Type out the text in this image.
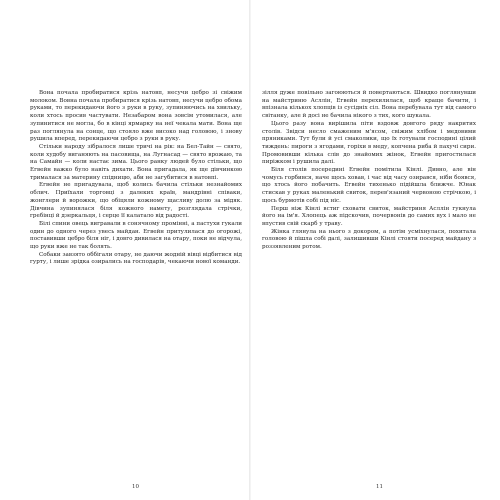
Вона почала пробиратися крізь натовп, несучи цебро зі свіжим молоком. Вовна почала пробиратися крізь натовп, несучи цебро обома руками, то перекидаючи його з руки в руку, зупиняючись на хвильку, коли хтось просив частувати. Незабаром вона зовсім утомилася, але зупинитися не могла, бо в кінці ярмарку на неї чекала мати. Вона ще раз поглянула на сонце, що стояло вже високо над головою, і знову рушила вперед, перекидаючи цебро з руки в руку.

Стільки народу зібралося лише тричі на рік: на Бел-Тайн — свято, коли худобу виганяють на пасовища, на Лугнасад — свято врожаю, та на Самайн — коли настає зима. Цього ранку людей було стільки, що Егвейн важко було навіть дихати. Вона пригадала, як ще дівчинкою трималася за материну спідницю, аби не загубитися в натовпі.

Егвейн не пригадувала, щоб колись бачила стільки незнайомих облич. Приїхали торговці з далеких країв, мандрівні співаки, жонглери й ворожки, що обіцяли кожному щасливу долю за мідяк. Дівчина зупинялася біля кожного намету, розглядала стрічки, гребінці й дзеркальця, і серце її калатало від радості.

Білі спини овець вигравали в сонячному промінні, а пастухи гукали один до одного через увесь майдан. Егвейн притулилася до огорожі, поставивши цебро біля ніг, і довго дивилася на отару, поки не відчула, що руки вже не так болять.

Собаки завзято оббігали отару, не даючи жодній вівці відбитися від гурту, і лише зрідка озирались на господарів, чекаючи нової команди.

10

зілля дуже повільно загоюються й повертаються. Швидко поглянувши на майстриню Асллін, Егвейн перехилилася, щоб краще бачити, і впізнала кількох хлопців із сусідніх сіл. Вона перебувала тут від самого світанку, але й досі не бачила нікого з тих, кого шукала.

Цього разу вона вирішила піти вздовж довгого ряду накритих столів. Звідси несло смаженим м'ясом, свіжим хлібом і медовими пряниками. Тут були й усі смаколики, що їх готували господині цілий тиждень: пироги з ягодами, горіхи в меду, копчена риба й пахучі сири. Промовивши кілька слів до знайомих жінок, Егвейн пригостилася пиріжком і рушила далі.

Біля столів посередині Егвейн помітила Кінлі. Дивно, але він чомусь горбився, наче щось ховав, і час від часу озирався, ніби боявся, що хтось його побачить. Егвейн тихенько підійшла ближче. Юнак стискав у руках маленький свиток, перев'язаний червоною стрічкою, і щось бурмотів собі під ніс.

Перш ніж Кінлі встиг сховати свиток, майстриня Асллін гукнула його на ім'я. Хлопець аж підскочив, почервонів до самих вух і мало не впустив свій скарб у траву.

Жінка глянула на нього з докором, а потім усміхнулася, похитала головою й пішла собі далі, залишивши Кінлі стояти посеред майдану з роззявленим ротом.

11
